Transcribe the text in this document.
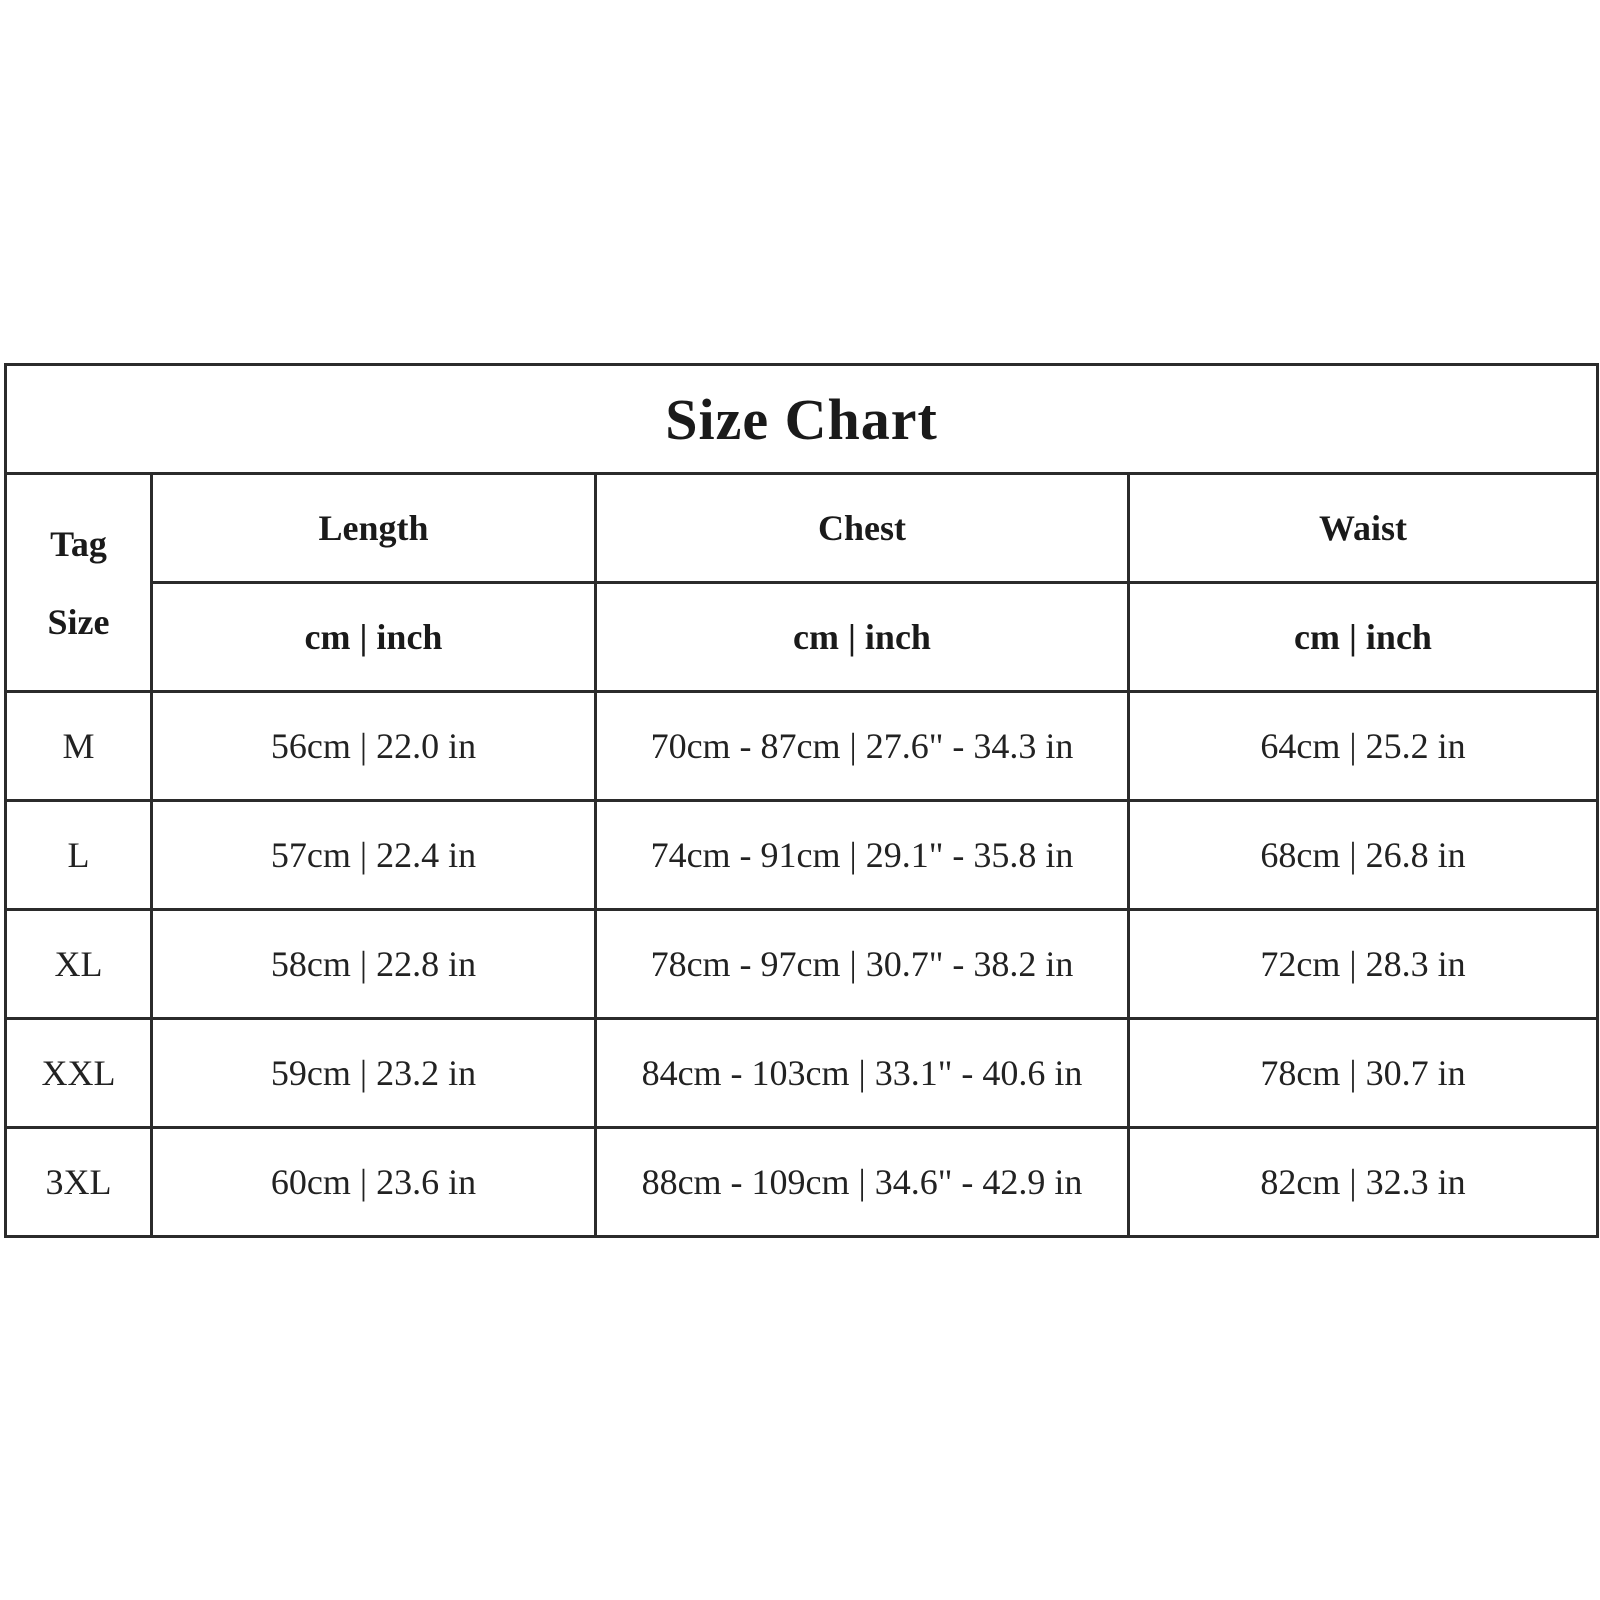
Size Chart			

Tag
Size	Length	Chest	Waist
	cm | inch	cm | inch	cm | inch
M	56cm | 22.0 in	70cm - 87cm | 27.6" - 34.3 in	64cm | 25.2 in
L	57cm | 22.4 in	74cm - 91cm | 29.1" - 35.8 in	68cm | 26.8 in
XL	58cm | 22.8 in	78cm - 97cm | 30.7" - 38.2 in	72cm | 28.3 in
XXL	59cm | 23.2 in	84cm - 103cm | 33.1" - 40.6 in	78cm | 30.7 in
3XL	60cm | 23.6 in	88cm - 109cm | 34.6" - 42.9 in	82cm | 32.3 in
